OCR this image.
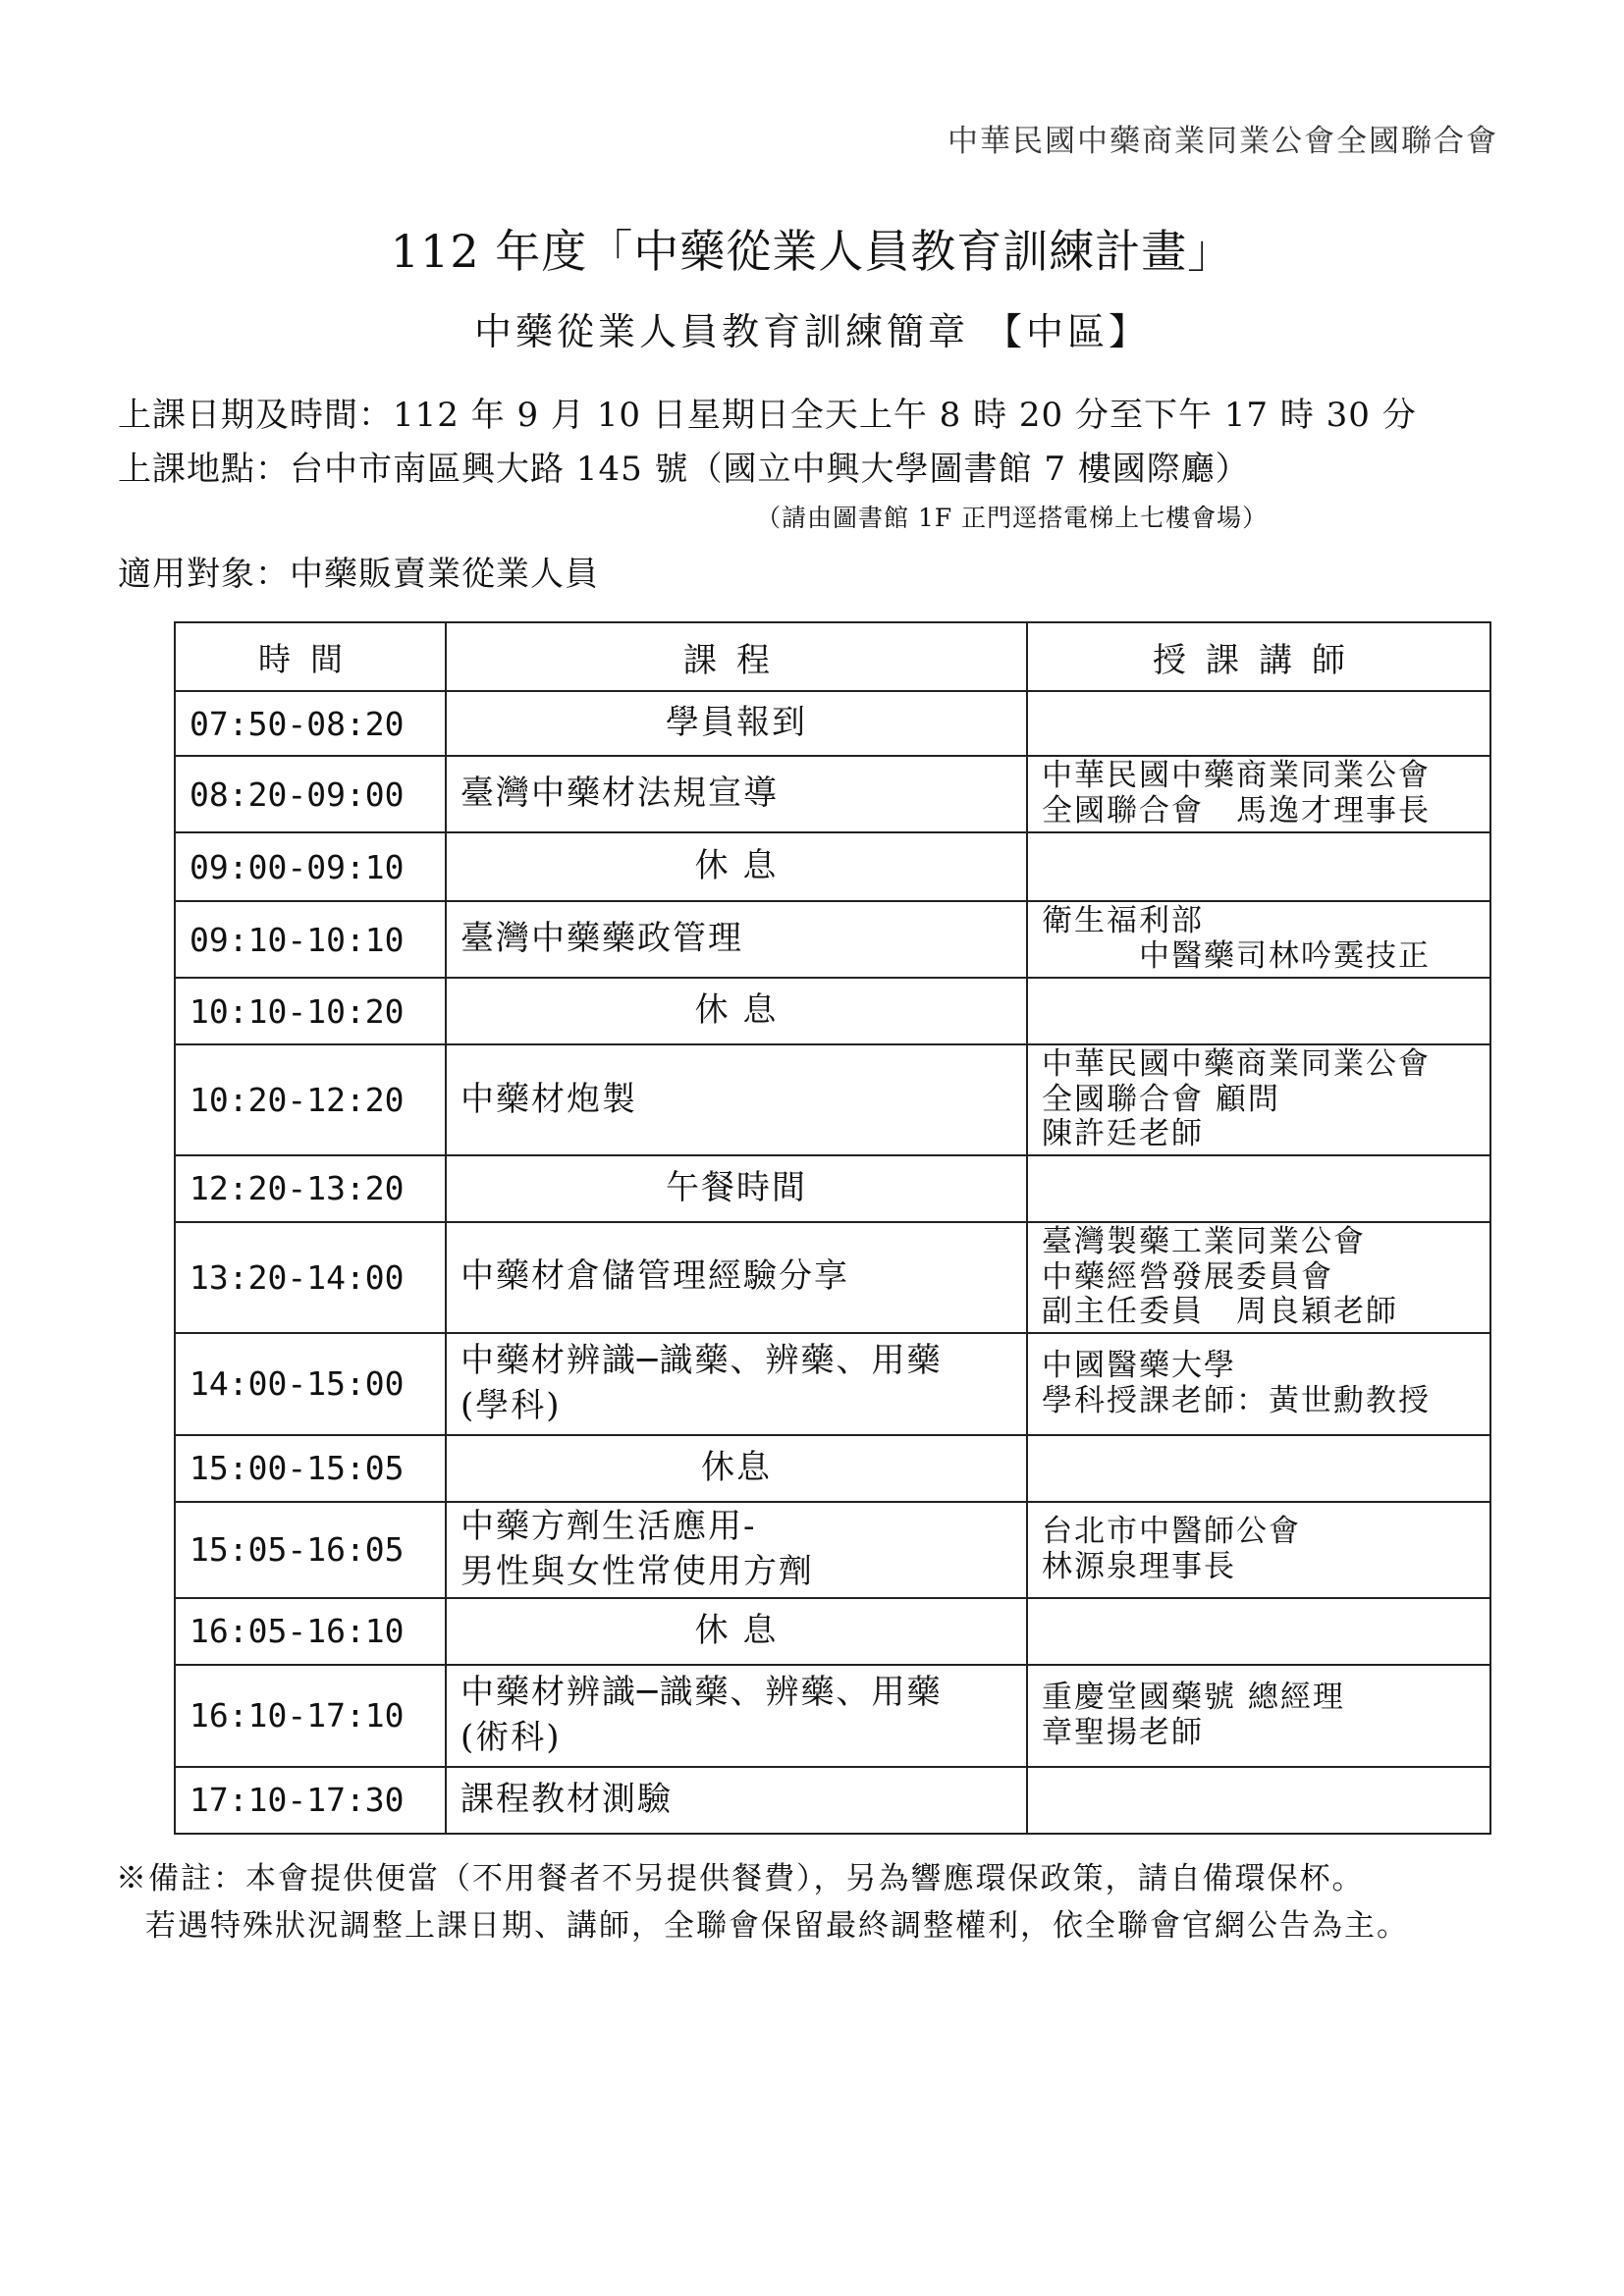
中華民國中藥商業同業公會全國聯合會
112 年度「中藥從業人員教育訓練計畫」
中藥從業人員教育訓練簡章 【中區】
上課日期及時間：112 年 9 月 10 日星期日全天上午 8 時 20 分至下午 17 時 30 分
上課地點：台中市南區興大路 145 號（國立中興大學圖書館 7 樓國際廳）
（請由圖書館 1F 正門逕搭電梯上七樓會場）
適用對象：中藥販賣業從業人員
時間	課程	授課講師
07:50-08:20	學員報到	
08:20-09:00	臺灣中藥材法規宣導	中華民國中藥商業同業公會
全國聯合會　馬逸才理事長
09:00-09:10	休 息	
09:10-10:10	臺灣中藥藥政管理	衛生福利部
　　　中醫藥司林吟霙技正
10:10-10:20	休 息	
10:20-12:20	中藥材炮製	中華民國中藥商業同業公會
全國聯合會 顧問
陳許廷老師
12:20-13:20	午餐時間	
13:20-14:00	中藥材倉儲管理經驗分享	臺灣製藥工業同業公會
中藥經營發展委員會
副主任委員　周良穎老師
14:00-15:00	中藥材辨識─識藥、辨藥、用藥
(學科)	中國醫藥大學
學科授課老師：黃世勳教授
15:00-15:05	休息	
15:05-16:05	中藥方劑生活應用-
男性與女性常使用方劑	台北市中醫師公會
林源泉理事長
16:05-16:10	休 息	
16:10-17:10	中藥材辨識─識藥、辨藥、用藥
(術科)	重慶堂國藥號 總經理
章聖揚老師
17:10-17:30	課程教材測驗	
※備註：本會提供便當（不用餐者不另提供餐費），另為響應環保政策，請自備環保杯。
若遇特殊狀況調整上課日期、講師，全聯會保留最終調整權利，依全聯會官網公告為主。
